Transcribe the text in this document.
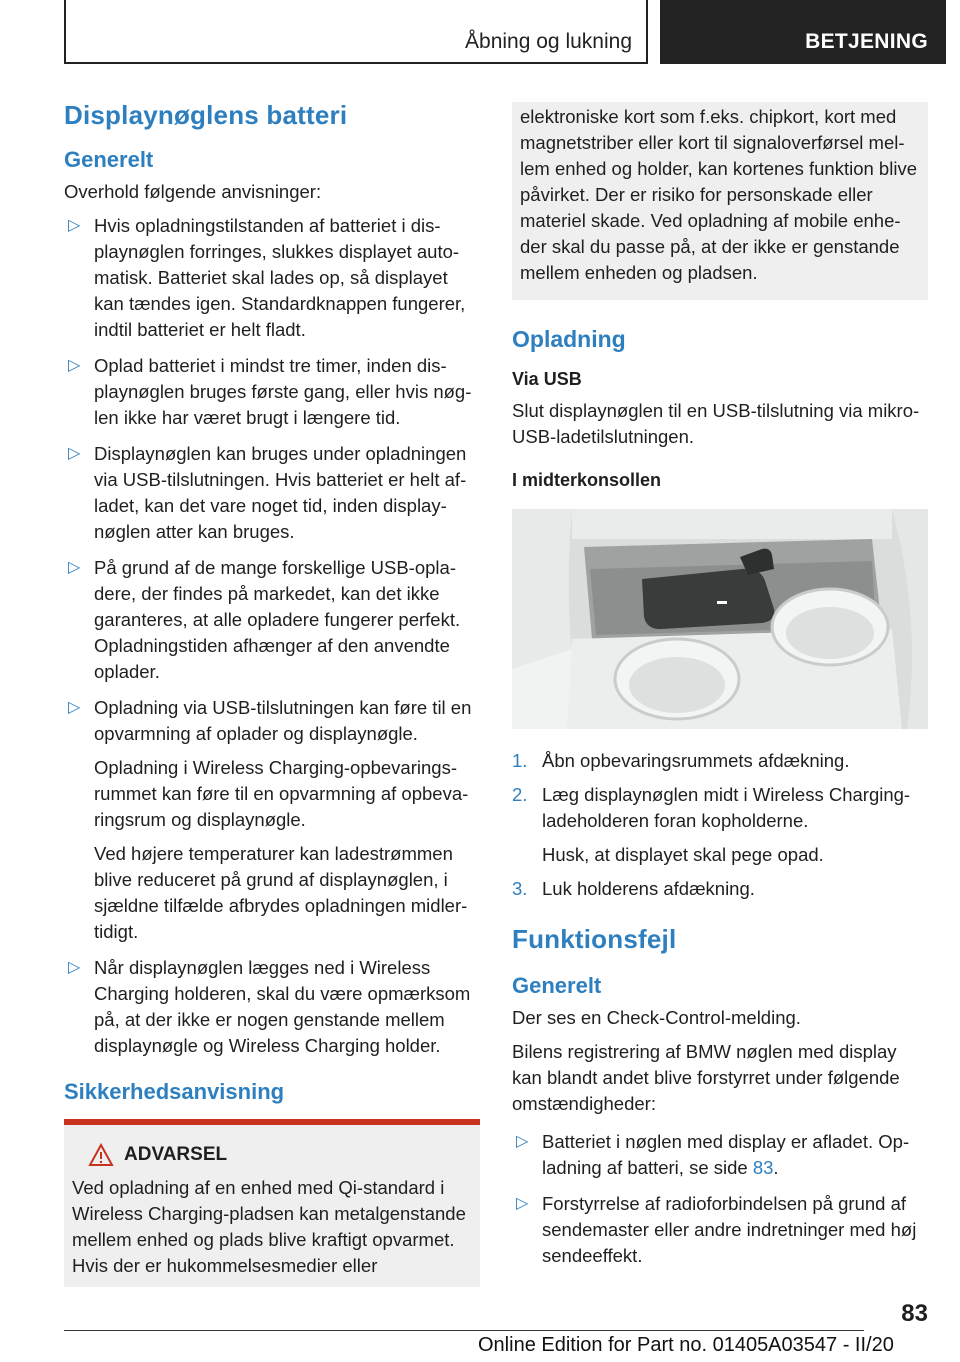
Åbning og lukning	BETJENING
Displaynøglens batteri
Generelt

Overhold følgende anvisninger:

▷ Hvis opladningstilstanden af batteriet i displaynøglen forringes, slukkes displayet automatisk. Batteriet skal lades op, så displayet kan tændes igen. Standardknappen fungerer, indtil batteriet er helt fladt.
▷ Oplad batteriet i mindst tre timer, inden displaynøglen bruges første gang, eller hvis nøglen ikke har været brugt i længere tid.
▷ Displaynøglen kan bruges under opladningen via USB-tilslutningen. Hvis batteriet er helt afladet, kan det vare noget tid, inden displaynøglen atter kan bruges.
▷ På grund af de mange forskellige USB-opladere, der findes på markedet, kan det ikke garanteres, at alle opladere fungerer perfekt. Opladningstiden afhænger af den anvendte oplader.
▷ Opladning via USB-tilslutningen kan føre til en opvarmning af oplader og displaynøgle.
Opladning i Wireless Charging-opbevaringsrummet kan føre til en opvarmning af opbevaringsrum og displaynøgle.
Ved højere temperaturer kan ladestrømmen blive reduceret på grund af displaynøglen, i sjældne tilfælde afbrydes opladningen midlertidigt.
▷ Når displaynøglen lægges ned i Wireless Charging holderen, skal du være opmærksom på, at der ikke er nogen genstande mellem displaynøgle og Wireless Charging holder.
Sikkerhedsanvisning
ADVARSEL

Ved opladning af en enhed med Qi-standard i Wireless Charging-pladsen kan metalgenstande mellem enhed og plads blive kraftigt opvarmet. Hvis der er hukommelsesmedier eller

elektroniske kort som f.eks. chipkort, kort med magnetstriber eller kort til signaloverførsel mellem enhed og holder, kan kortenes funktion blive påvirket. Der er risiko for personskade eller materiel skade. Ved opladning af mobile enheder skal du passe på, at der ikke er genstande mellem enheden og pladsen.

Opladning
Via USB

Slut displaynøglen til en USB-tilslutning via mikro-USB-ladetilslutningen.

I midterkonsollen
1. Åbn opbevaringsrummets afdækning.
2. Læg displaynøglen midt i Wireless Charging-ladeholderen foran kopholderne.
Husk, at displayet skal pege opad.
3. Luk holderens afdækning.
Funktionsfejl
Generelt

Der ses en Check-Control-melding.

Bilens registrering af BMW nøglen med display kan blandt andet blive forstyrret under følgende omstændigheder:

▷ Batteriet i nøglen med display er afladet. Opladning af batteri, se side 83.
▷ Forstyrrelse af radioforbindelsen på grund af sendemaster eller andre indretninger med høj sendeeffekt.
83
Online Edition for Part no. 01405A03547 - II/20
